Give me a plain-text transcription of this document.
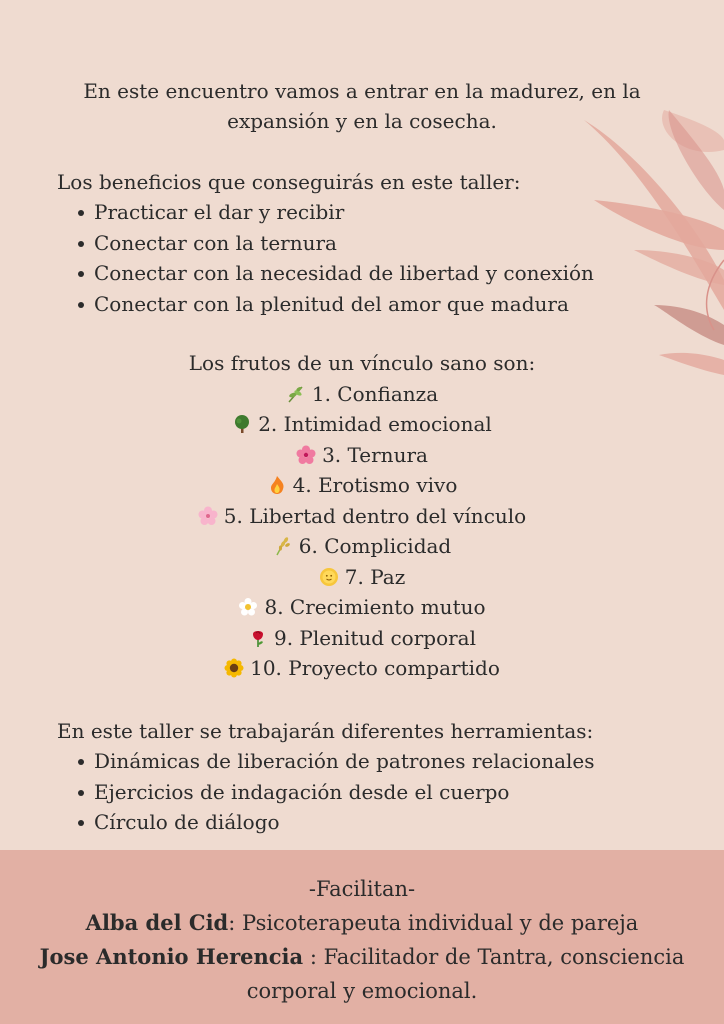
En este encuentro vamos a entrar en la madurez, en la expansión y en la cosecha.
Los beneficios que conseguirás en este taller:
Practicar el dar y recibir
Conectar con la ternura
Conectar con la necesidad de libertad y conexión
Conectar con la plenitud del amor que madura
Los frutos de un vínculo sano son:
1. Confianza
2. Intimidad emocional
3. Ternura
4. Erotismo vivo
5. Libertad dentro del vínculo
6. Complicidad
7. Paz
8. Crecimiento mutuo
9. Plenitud corporal
10. Proyecto compartido
En este taller se trabajarán diferentes herramientas:
Dinámicas de liberación de patrones relacionales
Ejercicios de indagación desde el cuerpo
Círculo de diálogo
-Facilitan-
Alba del Cid: Psicoterapeuta individual y de pareja
Jose Antonio Herencia : Facilitador de Tantra, consciencia corporal y emocional.
